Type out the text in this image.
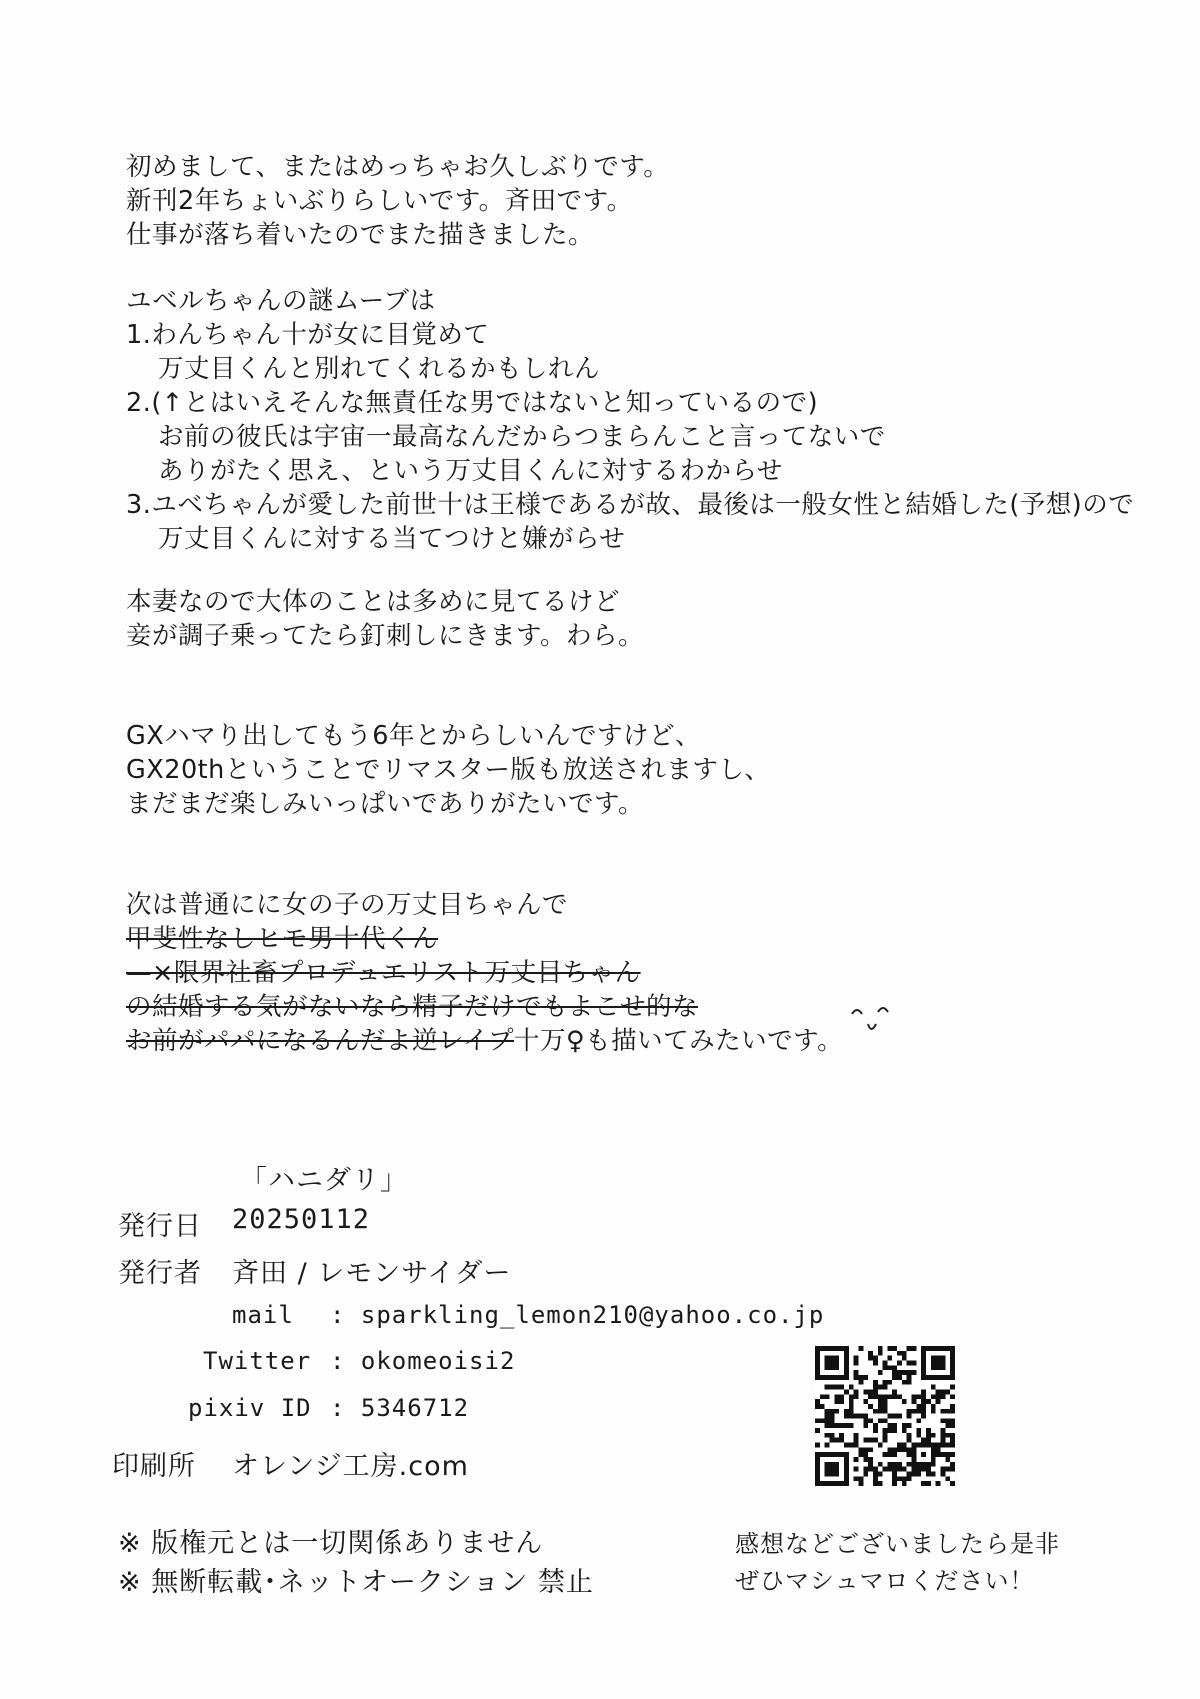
初めまして、またはめっちゃお久しぶりです。
新刊2年ちょいぶりらしいです。斉田です。
仕事が落ち着いたのでまた描きました。
ユベルちゃんの謎ムーブは
1.わんちゃん十が女に目覚めて
万丈目くんと別れてくれるかもしれん
2.(↑とはいえそんな無責任な男ではないと知っているので)
お前の彼氏は宇宙一最高なんだからつまらんこと言ってないで
ありがたく思え、という万丈目くんに対するわからせ
3.ユベちゃんが愛した前世十は王様であるが故、最後は一般女性と結婚した(予想)ので
万丈目くんに対する当てつけと嫌がらせ
本妻なので大体のことは多めに見てるけど
妾が調子乗ってたら釘刺しにきます。わら。
GXハマり出してもう6年とからしいんですけど、
GX20thということでリマスター版も放送されますし、
まだまだ楽しみいっぱいでありがたいです。
次は普通にに女の子の万丈目ちゃんで
甲斐性なしヒモ男十代くん
—×限界社畜プロデュエリスト万丈目ちゃん
の結婚する気がないなら精子だけでもよこせ的な
お前がパパになるんだよ逆レイプ十万♀も描いてみたいです。
「ハニダリ」
発行日 20250112
発行者 斉田 / レモンサイダー
mail : sparkling_lemon210@yahoo.co.jp
Twitter : okomeoisi2
pixiv ID : 5346712
印刷所 オレンジ工房.com
※ 版権元とは一切関係ありません
※ 無断転載･ネットオークション 禁止
感想などございましたら是非
ぜひマシュマロください！
